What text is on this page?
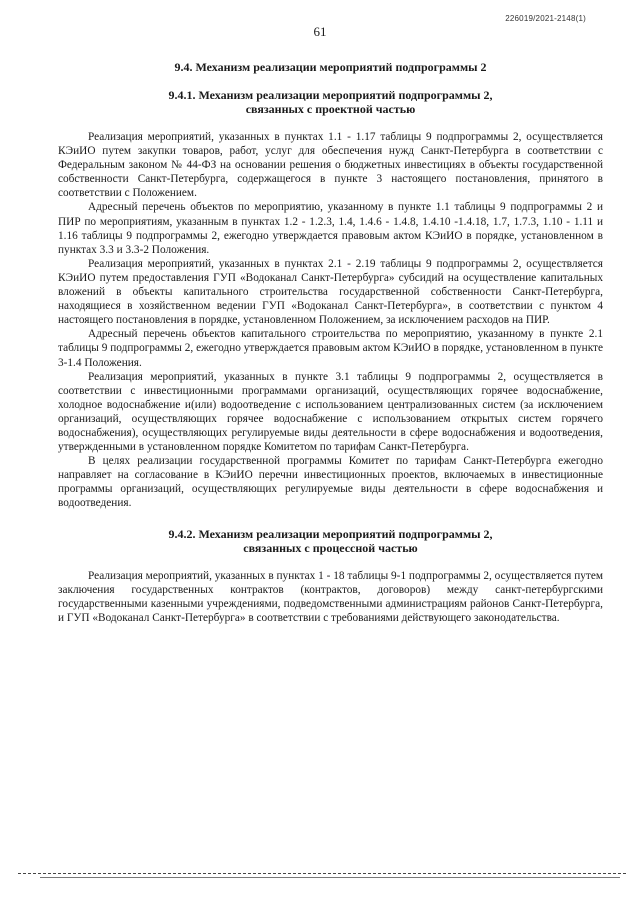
226019/2021-2148(1)
61
9.4. Механизм реализации мероприятий подпрограммы 2
9.4.1. Механизм реализации мероприятий подпрограммы 2,
связанных с проектной частью

Реализация мероприятий, указанных в пунктах 1.1 - 1.17 таблицы 9 подпрограммы 2, осуществляется КЭиИО путем закупки товаров, работ, услуг для обеспечения нужд Санкт-Петербурга в соответствии с Федеральным законом № 44-ФЗ на основании решения о бюджетных инвестициях в объекты государственной собственности Санкт-Петербурга, содержащегося в пункте 3 настоящего постановления, принятого в соответствии с Положением.

Адресный перечень объектов по мероприятию, указанному в пункте 1.1 таблицы 9 подпрограммы 2 и ПИР по мероприятиям, указанным в пунктах 1.2 - 1.2.3, 1.4, 1.4.6 - 1.4.8, 1.4.10 -1.4.18, 1.7, 1.7.3, 1.10 - 1.11 и 1.16 таблицы 9 подпрограммы 2, ежегодно утверждается правовым актом КЭиИО в порядке, установленном в пунктах 3.3 и 3.3-2 Положения.

Реализация мероприятий, указанных в пунктах 2.1 - 2.19 таблицы 9 подпрограммы 2, осуществляется КЭиИО путем предоставления ГУП «Водоканал Санкт-Петербурга» субсидий на осуществление капитальных вложений в объекты капитального строительства государственной собственности Санкт-Петербурга, находящиеся в хозяйственном ведении ГУП «Водоканал Санкт-Петербурга», в соответствии с пунктом 4 настоящего постановления в порядке, установленном Положением, за исключением расходов на ПИР.

Адресный перечень объектов капитального строительства по мероприятию, указанному в пункте 2.1 таблицы 9 подпрограммы 2, ежегодно утверждается правовым актом КЭиИО в порядке, установленном в пункте 3-1.4 Положения.

Реализация мероприятий, указанных в пункте 3.1 таблицы 9 подпрограммы 2, осуществляется в соответствии с инвестиционными программами организаций, осуществляющих горячее водоснабжение, холодное водоснабжение и(или) водоотведение с использованием централизованных систем (за исключением организаций, осуществляющих горячее водоснабжение с использованием открытых систем горячего водоснабжения), осуществляющих регулируемые виды деятельности в сфере водоснабжения и водоотведения, утвержденными в установленном порядке Комитетом по тарифам Санкт-Петербурга.

В целях реализации государственной программы Комитет по тарифам Санкт-Петербурга ежегодно направляет на согласование в КЭиИО перечни инвестиционных проектов, включаемых в инвестиционные программы организаций, осуществляющих регулируемые виды деятельности в сфере водоснабжения и водоотведения.

9.4.2. Механизм реализации мероприятий подпрограммы 2,
связанных с процессной частью

Реализация мероприятий, указанных в пунктах 1 - 18 таблицы 9-1 подпрограммы 2, осуществляется путем заключения государственных контрактов (контрактов, договоров) между санкт-петербургскими государственными казенными учреждениями, подведомственными администрациям районов Санкт-Петербурга, и ГУП «Водоканал Санкт-Петербурга» в соответствии с требованиями действующего законодательства.
